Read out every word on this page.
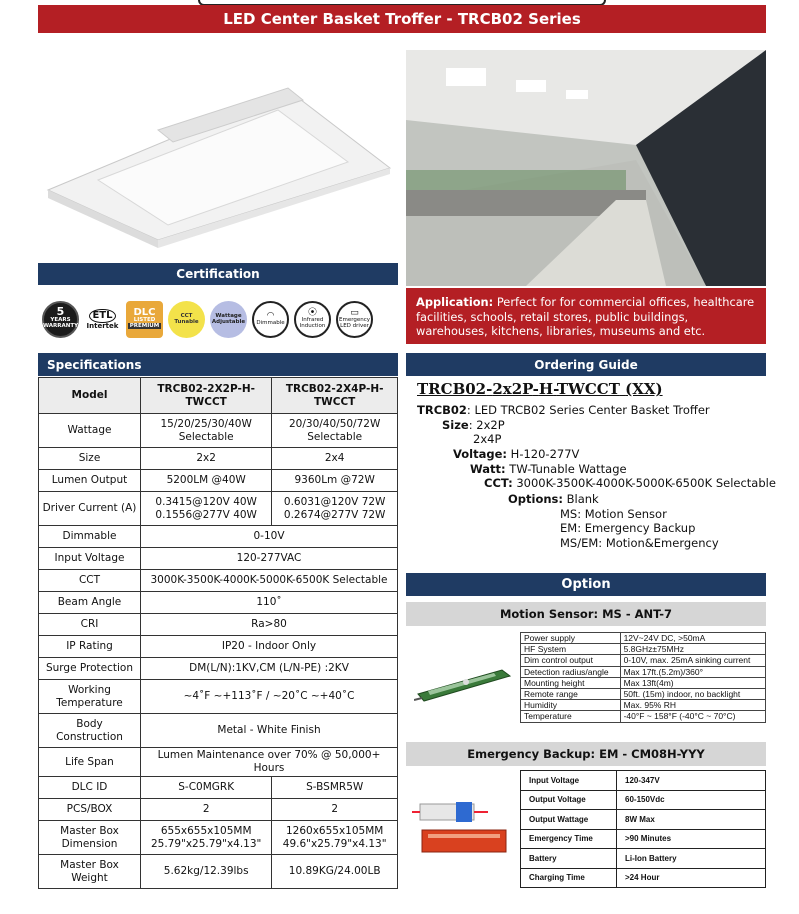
LED Center Basket Troffer - TRCB02 Series
Application: Perfect for for commercial offices, healthcare facilities, schools, retail stores, public buildings, warehouses, kitchens, libraries, museums and etc.
Certification
5
YEARS
WARRANTY
ETL
Intertek
DLC
LISTED
PREMIUM
CCT Tunable
Wattage
Adjustable
◠
Dimmable
⦿
Infrared
Induction
▭
Emergency
LED driver
Specifications
Model	TRCB02-2X2P-H-TWCCT	TRCB02-2X4P-H-TWCCT
Wattage	15/20/25/30/40W Selectable	20/30/40/50/72W Selectable
Size	2x2	2x4
Lumen Output	5200LM @40W	9360Lm @72W
Driver Current (A)	0.3415@120V 40W 0.1556@277V 40W	0.6031@120V 72W 0.2674@277V 72W
Dimmable	0-10V	
Input Voltage	120-277VAC	
CCT	3000K-3500K-4000K-5000K-6500K Selectable	
Beam Angle	110˚	
CRI	Ra>80	
IP Rating	IP20 - Indoor Only	
Surge Protection	DM(L/N):1KV,CM (L/N-PE) :2KV	
Working Temperature	~4˚F ~+113˚F / ~20˚C ~+40˚C	
Body Construction	Metal - White Finish	
Life Span	Lumen Maintenance over 70% @ 50,000+ Hours	
DLC ID	S-C0MGRK	S-BSMR5W
PCS/BOX	2	2
Master Box Dimension	655x655x105MM 25.79"x25.79"x4.13"	1260x655x105MM 49.6"x25.79"x4.13"
Master Box Weight	5.62kg/12.39lbs	10.89KG/24.00LB
Ordering Guide
TRCB02-2x2P-H-TWCCT (XX)
TRCB02: LED TRCB02 Series Center Basket Troffer
Size: 2x2P
2x4P
Voltage: H-120-277V
Watt: TW-Tunable Wattage
CCT: 3000K-3500K-4000K-5000K-6500K Selectable
Options: Blank
MS: Motion Sensor
EM: Emergency Backup
MS/EM: Motion&Emergency
Option
Motion Sensor: MS - ANT-7
Power supply	12V~24V DC, >50mA
HF System	5.8GHz±75MHz
Dim control output	0-10V, max. 25mA sinking current
Detection radius/angle	Max 17ft.(5.2m)/360°
Mounting height	Max 13ft(4m)
Remote range	50ft. (15m) indoor, no backlight
Humidity	Max. 95% RH
Temperature	-40°F ~ 158°F (-40°C ~ 70°C)
Emergency Backup: EM - CM08H-YYY
Input Voltage	120-347V
Output Voltage	60-150Vdc
Output Wattage	8W Max
Emergency Time	>90 Minutes
Battery	Li-Ion Battery
Charging Time	>24 Hour
